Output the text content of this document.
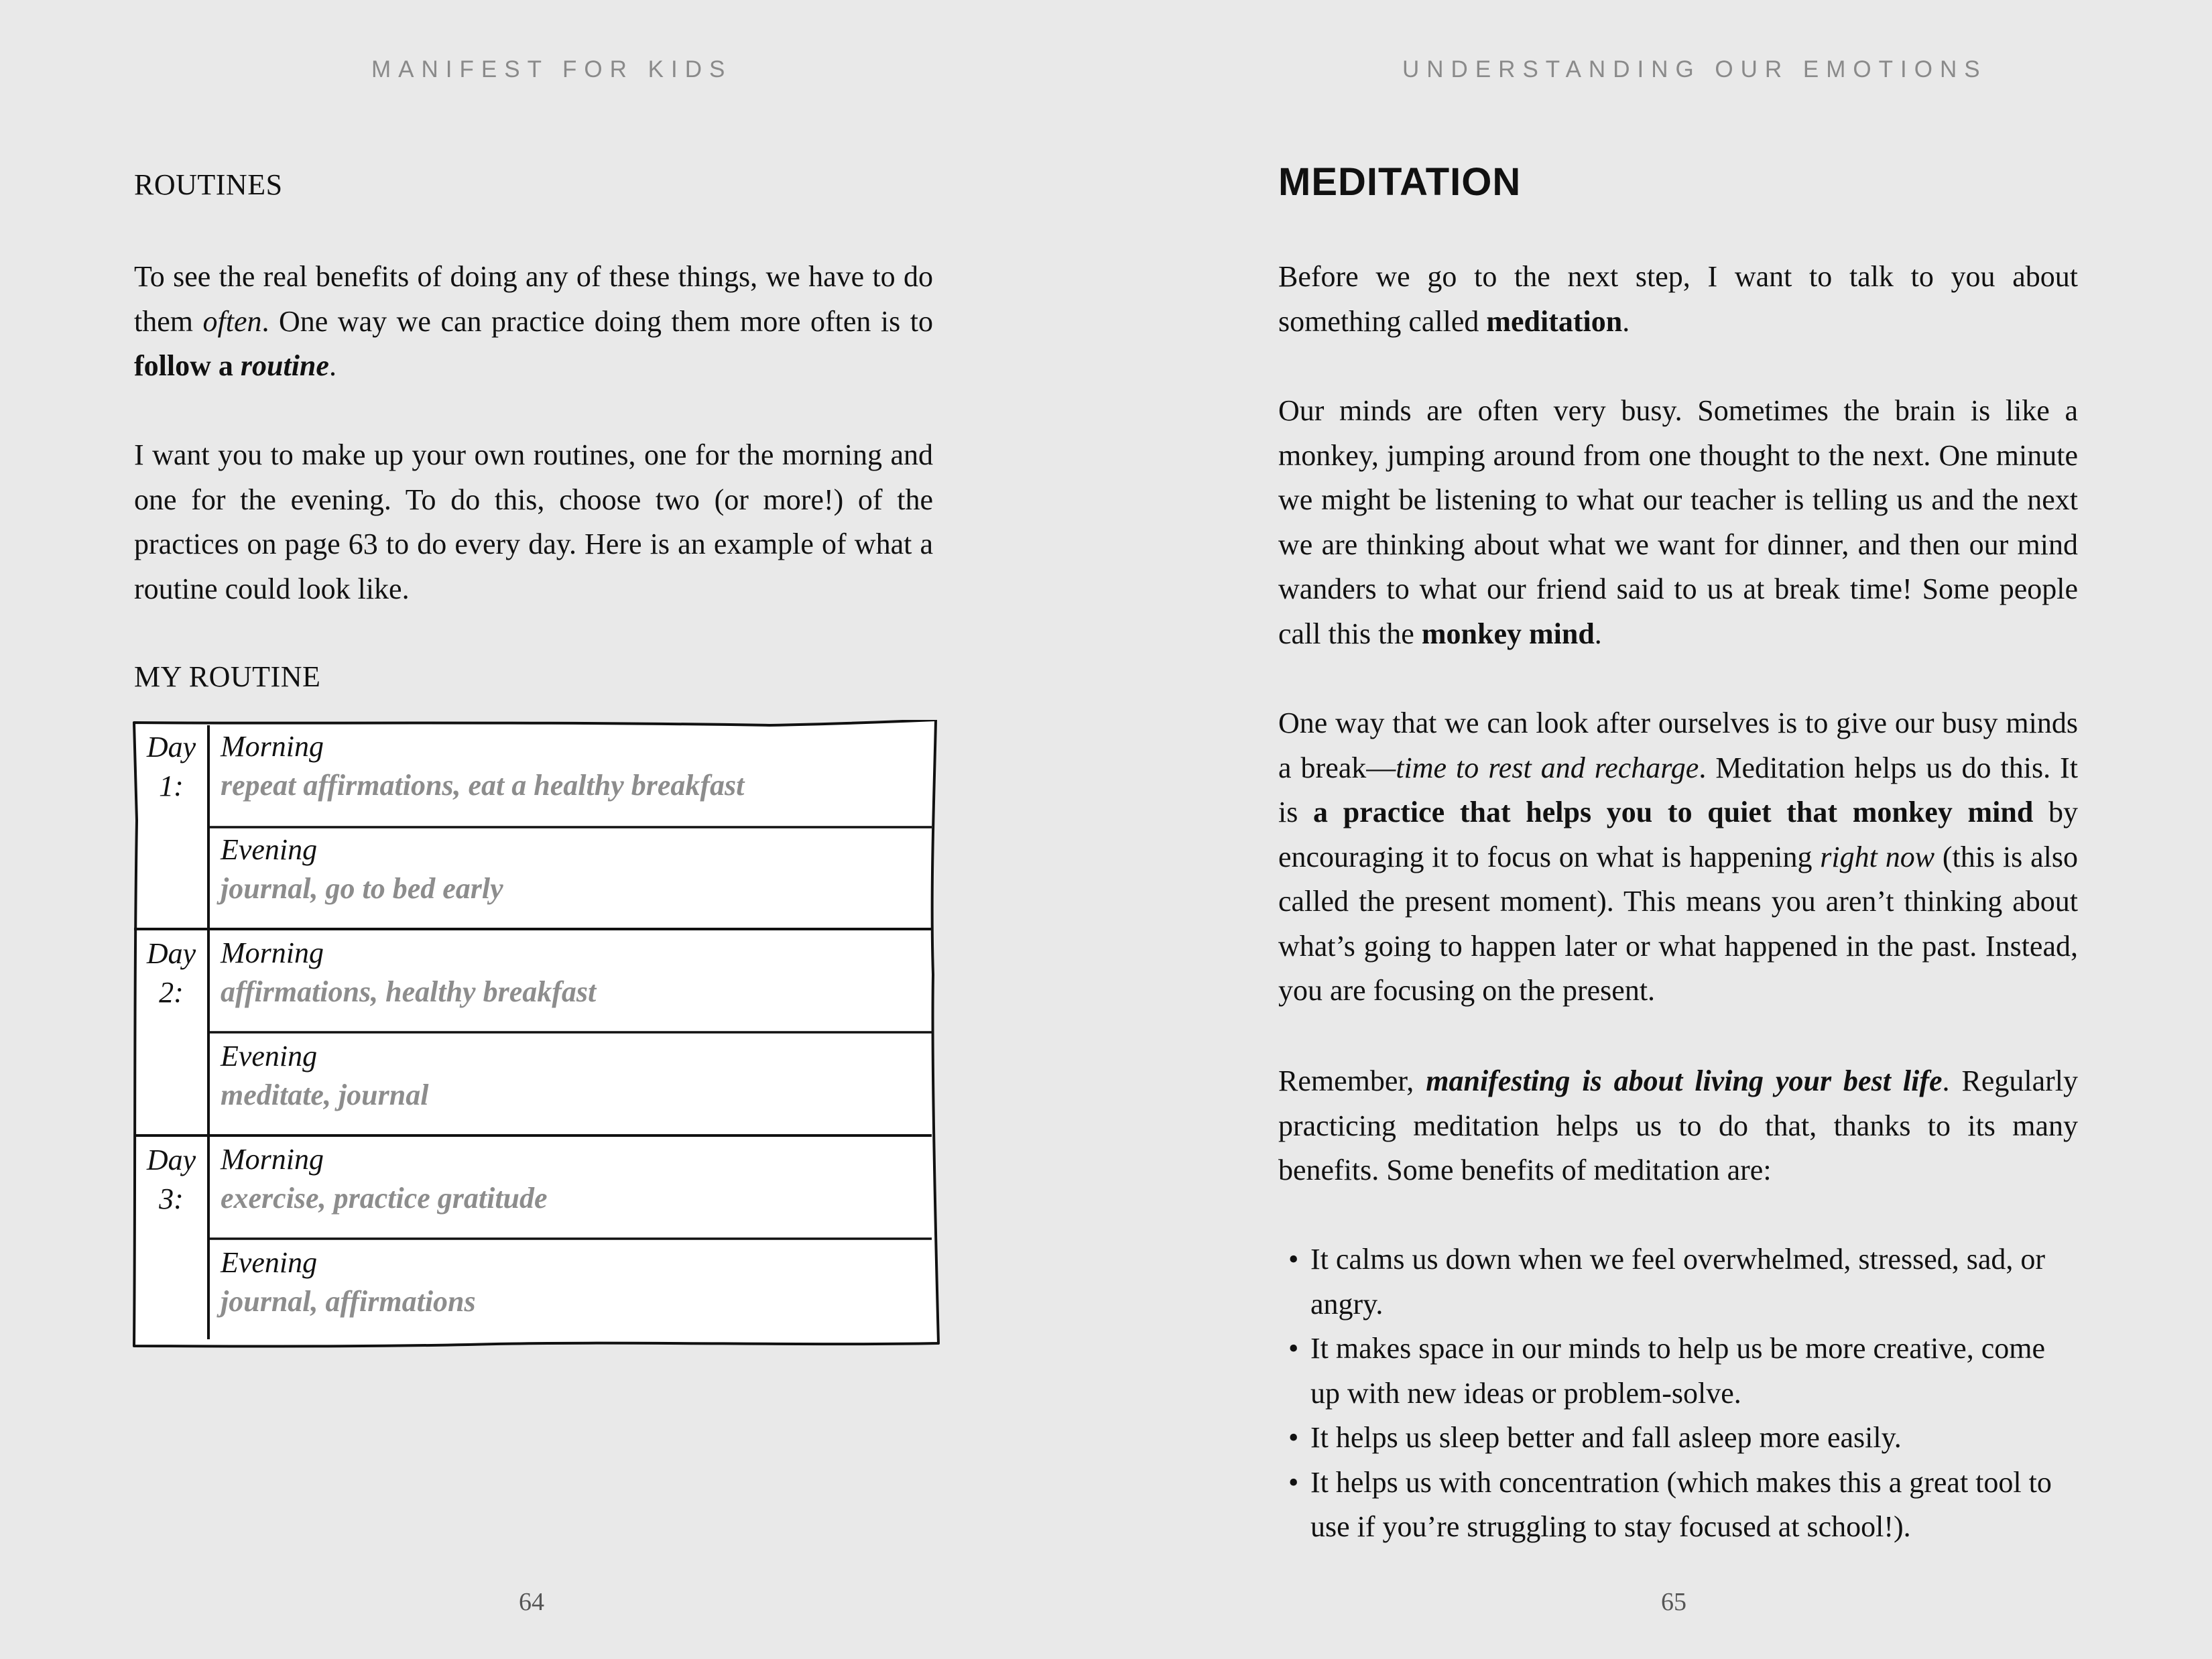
MANIFEST FOR KIDS
ROUTINES

To see the real benefits of doing any of these things, we have to do them often. One way we can practice doing them more often is to follow a routine.

I want you to make up your own routines, one for the morning and one for the evening. To do this, choose two (or more!) of the practices on page 63 to do every day. Here is an example of what a routine could look like.

MY ROUTINE
Day
1:
Morning
repeat affirmations, eat a healthy breakfast
Evening
journal, go to bed early
Day
2:
Morning
affirmations, healthy breakfast
Evening
meditate, journal
Day
3:
Morning
exercise, practice gratitude
Evening
journal, affirmations
64
UNDERSTANDING OUR EMOTIONS
MEDITATION

Before we go to the next step, I want to talk to you about something called meditation.

Our minds are often very busy. Sometimes the brain is like a monkey, jumping around from one thought to the next. One minute we might be listening to what our teacher is telling us and the next we are thinking about what we want for dinner, and then our mind wanders to what our friend said to us at break time! Some people call this the monkey mind.

One way that we can look after ourselves is to give our busy minds a break—time to rest and recharge. Meditation helps us do this. It is a practice that helps you to quiet that monkey mind by encouraging it to focus on what is happening right now (this is also called the present moment). This means you aren’t thinking about what’s going to happen later or what happened in the past. Instead, you are focusing on the present.

Remember, manifesting is about living your best life. Regularly practicing meditation helps us to do that, thanks to its many benefits. Some benefits of meditation are:

• It calms us down when we feel overwhelmed, stressed, sad, or angry.
• It makes space in our minds to help us be more creative, come up with new ideas or problem-solve.
• It helps us sleep better and fall asleep more easily.
• It helps us with concentration (which makes this a great tool to use if you’re struggling to stay focused at school!).
65
